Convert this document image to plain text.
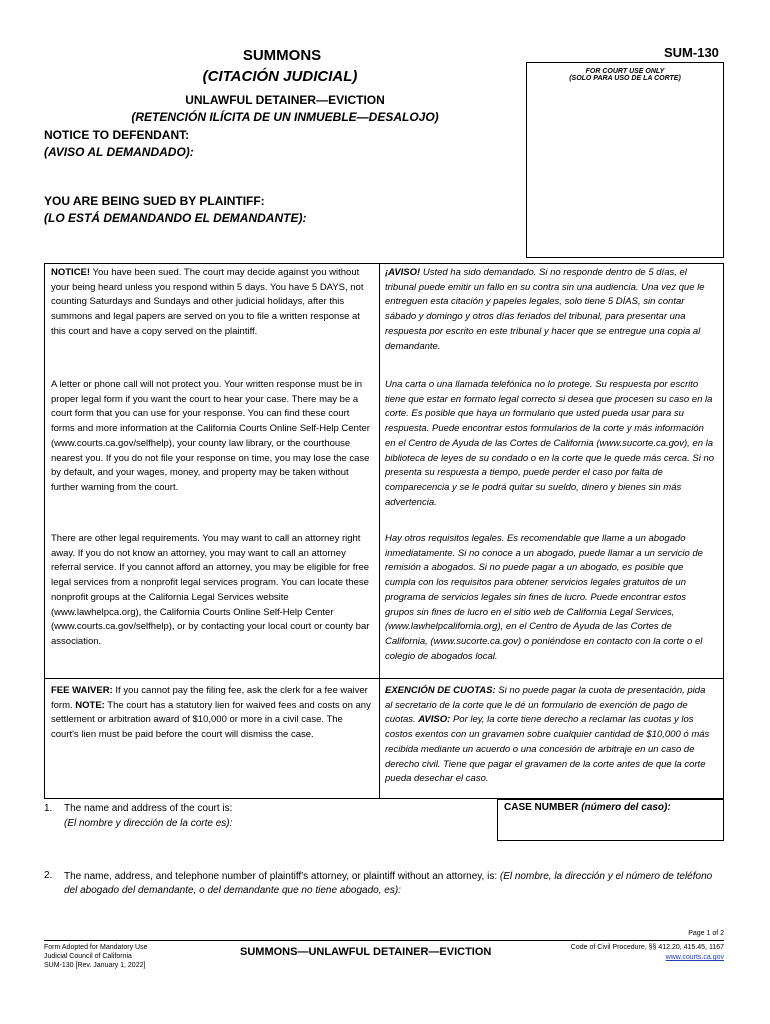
SUMMONS
(CITACIÓN JUDICIAL)
UNLAWFUL DETAINER—EVICTION
(RETENCIÓN ILÍCITA DE UN INMUEBLE—DESALOJO)
SUM-130
FOR COURT USE ONLY
(SOLO PARA USO DE LA CORTE)
NOTICE TO DEFENDANT:
(AVISO AL DEMANDADO):
YOU ARE BEING SUED BY PLAINTIFF:
(LO ESTÁ DEMANDANDO EL DEMANDANTE):
NOTICE! You have been sued. The court may decide against you without your being heard unless you respond within 5 days. You have 5 DAYS, not counting Saturdays and Sundays and other judicial holidays, after this summons and legal papers are served on you to file a written response at this court and have a copy served on the plaintiff.
A letter or phone call will not protect you. Your written response must be in proper legal form if you want the court to hear your case. There may be a court form that you can use for your response. You can find these court forms and more information at the California Courts Online Self-Help Center (www.courts.ca.gov/selfhelp), your county law library, or the courthouse nearest you. If you do not file your response on time, you may lose the case by default, and your wages, money, and property may be taken without further warning from the court.
There are other legal requirements. You may want to call an attorney right away. If you do not know an attorney, you may want to call an attorney referral service. If you cannot afford an attorney, you may be eligible for free legal services from a nonprofit legal services program. You can locate these nonprofit groups at the California Legal Services website (www.lawhelpca.org), the California Courts Online Self-Help Center (www.courts.ca.gov/selfhelp), or by contacting your local court or county bar association.
FEE WAIVER: If you cannot pay the filing fee, ask the clerk for a fee waiver form. NOTE: The court has a statutory lien for waived fees and costs on any settlement or arbitration award of $10,000 or more in a civil case. The court's lien must be paid before the court will dismiss the case.
¡AVISO! Usted ha sido demandado. Si no responde dentro de 5 días, el tribunal puede emitir un fallo en su contra sin una audiencia. Una vez que le entreguen esta citación y papeles legales, solo tiene 5 DÍAS, sin contar sábado y domingo y otros días feriados del tribunal, para presentar una respuesta por escrito en este tribunal y hacer que se entregue una copia al demandante.
Una carta o una llamada telefónica no lo protege. Su respuesta por escrito tiene que estar en formato legal correcto si desea que procesen su caso en la corte. Es posible que haya un formulario que usted pueda usar para su respuesta. Puede encontrar estos formularios de la corte y más información en el Centro de Ayuda de las Cortes de California (www.sucorte.ca.gov), en la biblioteca de leyes de su condado o en la corte que le quede más cerca. Si no presenta su respuesta a tiempo, puede perder el caso por falta de comparecencia y se le podrá quitar su sueldo, dinero y bienes sin más advertencia.
Hay otros requisitos legales. Es recomendable que llame a un abogado inmediatamente. Si no conoce a un abogado, puede llamar a un servicio de remisión a abogados. Si no puede pagar a un abogado, es posible que cumpla con los requisitos para obtener servicios legales gratuitos de un programa de servicios legales sin fines de lucro. Puede encontrar estos grupos sin fines de lucro en el sitio web de California Legal Services, (www.lawhelpcalifornia.org), en el Centro de Ayuda de las Cortes de California, (www.sucorte.ca.gov) o poniéndose en contacto con la corte o el colegio de abogados local.
EXENCIÓN DE CUOTAS: Si no puede pagar la cuota de presentación, pida al secretario de la corte que le dé un formulario de exención de pago de cuotas. AVISO: Por ley, la corte tiene derecho a reclamar las cuotas y los costos exentos con un gravamen sobre cualquier cantidad de $10,000 ó más recibida mediante un acuerdo o una concesión de arbitraje en un caso de derecho civil. Tiene que pagar el gravamen de la corte antes de que la corte pueda desechar el caso.
1. The name and address of the court is:
(El nombre y dirección de la corte es):
CASE NUMBER (número del caso):
2. The name, address, and telephone number of plaintiff's attorney, or plaintiff without an attorney, is: (El nombre, la dirección y el número de teléfono del abogado del demandante, o del demandante que no tiene abogado, es):
Page 1 of 2
Form Adopted for Mandatory Use
Judicial Council of California
SUM-130 [Rev. January 1, 2022]
SUMMONS—UNLAWFUL DETAINER—EVICTION	Code of Civil Procedure, §§ 412.20, 415.45, 1167
www.courts.ca.gov
